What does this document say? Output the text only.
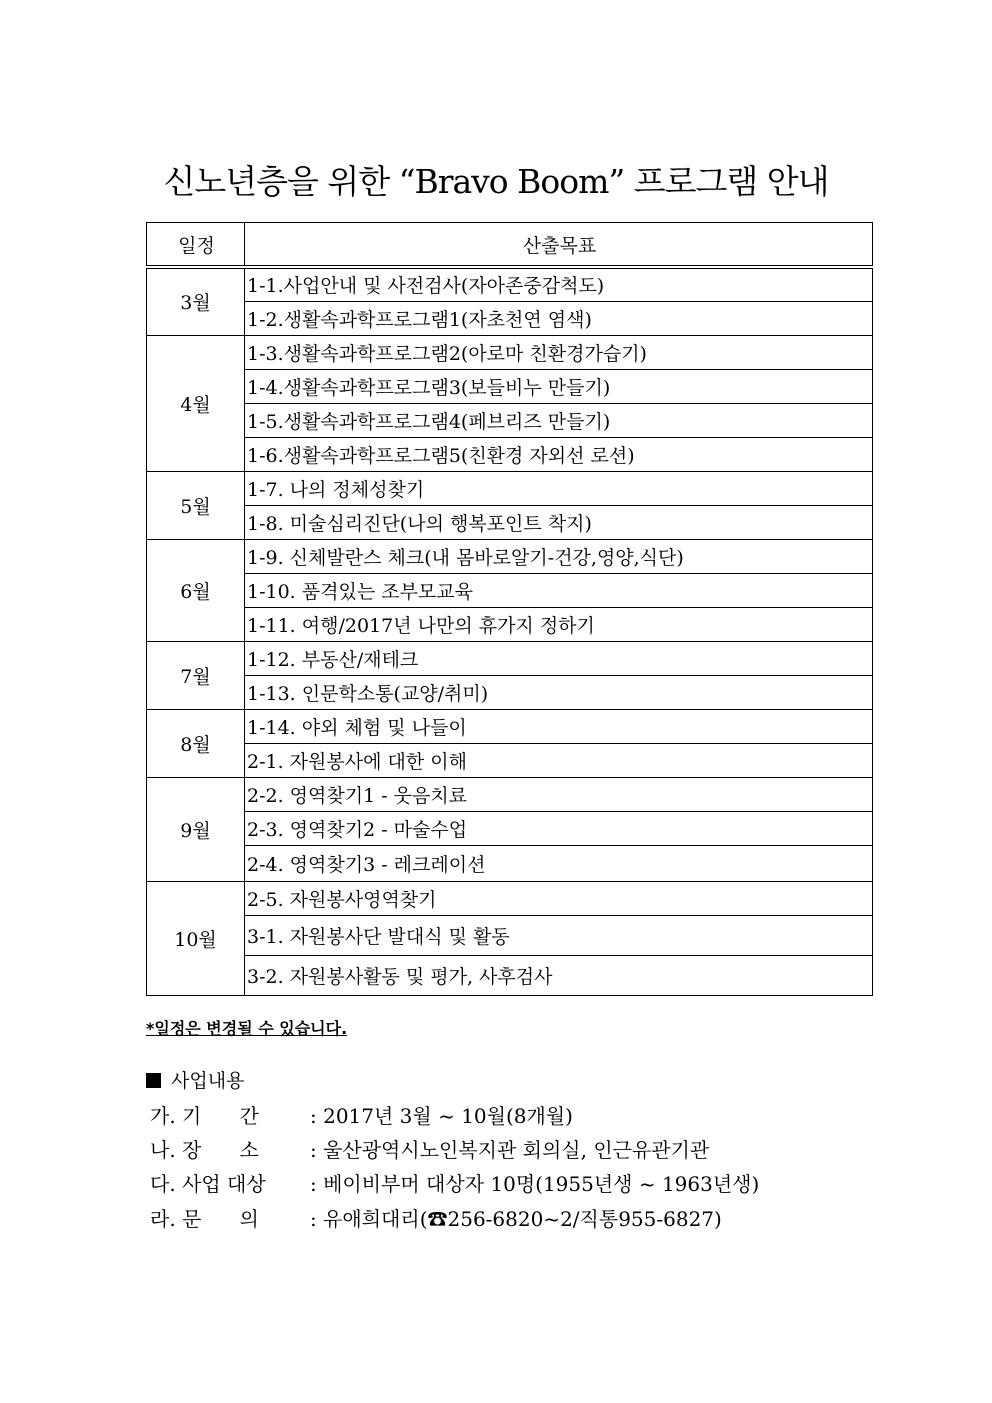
신노년층을 위한 “Bravo Boom” 프로그램 안내
일정	산출목표
3월	1-1.사업안내 및 사전검사(자아존중감척도)
	1-2.생활속과학프로그램1(자초천연 염색)
4월	1-3.생활속과학프로그램2(아로마 친환경가습기)
	1-4.생활속과학프로그램3(보들비누 만들기)
	1-5.생활속과학프로그램4(페브리즈 만들기)
	1-6.생활속과학프로그램5(친환경 자외선 로션)
5월	1-7. 나의 정체성찾기
	1-8. 미술심리진단(나의 행복포인트 착지)
6월	1-9. 신체발란스 체크(내 몸바로알기-건강,영양,식단)
	1-10. 품격있는 조부모교육
	1-11. 여행/2017년 나만의 휴가지 정하기
7월	1-12. 부동산/재테크
	1-13. 인문학소통(교양/취미)
8월	1-14. 야외 체험 및 나들이
	2-1. 자원봉사에 대한 이해
9월	2-2. 영역찾기1 - 웃음치료
	2-3. 영역찾기2 - 마술수업
	2-4. 영역찾기3 - 레크레이션
10월	2-5. 자원봉사영역찾기
	3-1. 자원봉사단 발대식 및 활동
	3-2. 자원봉사활동 및 평가, 사후검사
*일정은 변경될 수 있습니다.
사업내용
가. 기      간	: 2017년 3월 ~ 10월(8개월)
나. 장      소	: 울산광역시노인복지관 회의실, 인근유관기관
다. 사업 대상 : 베이비부머 대상자 10명(1955년생 ~ 1963년생)
라. 문      의	: 유애희대리(☎256-6820~2/직통955-6827)
